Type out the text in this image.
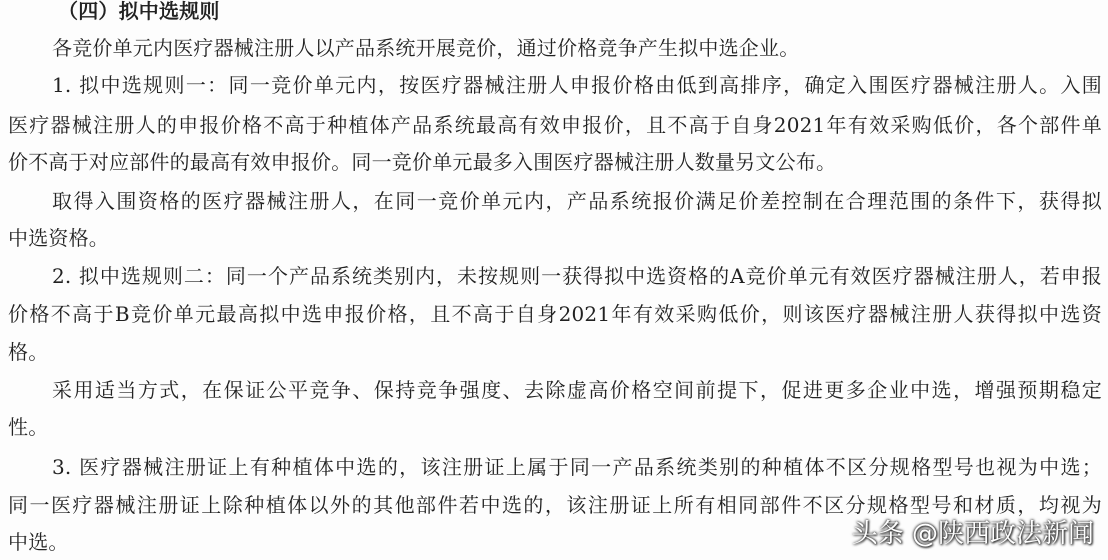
（四）拟中选规则
各竞价单元内医疗器械注册人以产品系统开展竞价，通过价格竞争产生拟中选企业。
1. 拟中选规则一：同一竞价单元内，按医疗器械注册人申报价格由低到高排序，确定入围医疗器械注册人。入围
医疗器械注册人的申报价格不高于种植体产品系统最高有效申报价，且不高于自身2021年有效采购低价，各个部件单
价不高于对应部件的最高有效申报价。同一竞价单元最多入围医疗器械注册人数量另文公布。
取得入围资格的医疗器械注册人，在同一竞价单元内，产品系统报价满足价差控制在合理范围的条件下，获得拟
中选资格。
2. 拟中选规则二：同一个产品系统类别内，未按规则一获得拟中选资格的A竞价单元有效医疗器械注册人，若申报
价格不高于B竞价单元最高拟中选申报价格，且不高于自身2021年有效采购低价，则该医疗器械注册人获得拟中选资
格。
采用适当方式，在保证公平竞争、保持竞争强度、去除虚高价格空间前提下，促进更多企业中选，增强预期稳定
性。
3. 医疗器械注册证上有种植体中选的，该注册证上属于同一产品系统类别的种植体不区分规格型号也视为中选；
同一医疗器械注册证上除种植体以外的其他部件若中选的，该注册证上所有相同部件不区分规格型号和材质，均视为
中选。	头条 @陕西政法新闻
